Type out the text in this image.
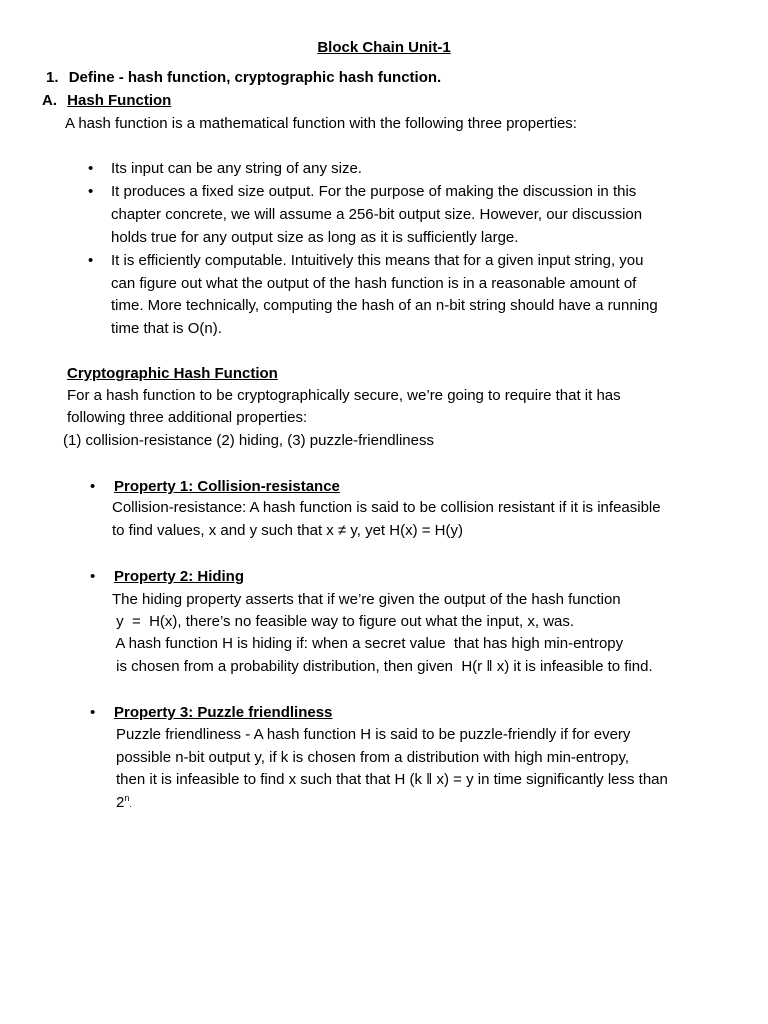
Block Chain Unit-1
1. Define - hash function, cryptographic hash function.
A. Hash Function
A hash function is a mathematical function with the following three properties:
• Its input can be any string of any size.
• It produces a fixed size output. For the purpose of making the discussion in this
chapter concrete, we will assume a 256-bit output size. However, our discussion
holds true for any output size as long as it is sufficiently large.
• It is efficiently computable. Intuitively this means that for a given input string, you
can figure out what the output of the hash function is in a reasonable amount of
time. More technically, computing the hash of an n-bit string should have a running
time that is O(n).
Cryptographic Hash Function
For a hash function to be cryptographically secure, we’re going to require that it has
following three additional properties:
(1) collision-resistance (2) hiding, (3) puzzle-friendliness
• Property 1: Collision-resistance
Collision-resistance: A hash function is said to be collision resistant if it is infeasible
to find values, x and y such that x ≠ y, yet H(x) = H(y)
• Property 2: Hiding
The hiding property asserts that if we’re given the output of the hash function
y  =  H(x), there’s no feasible way to figure out what the input, x, was.
A hash function H is hiding if: when a secret value  that has high min-entropy
is chosen from a probability distribution, then given  H(r ‖ x) it is infeasible to find.
• Property 3: Puzzle friendliness
Puzzle friendliness - A hash function H is said to be puzzle-friendly if for every
possible n-bit output y, if k is chosen from a distribution with high min-entropy,
then it is infeasible to find x such that that H (k ‖ x) = y in time significantly less than
2$^n$.
